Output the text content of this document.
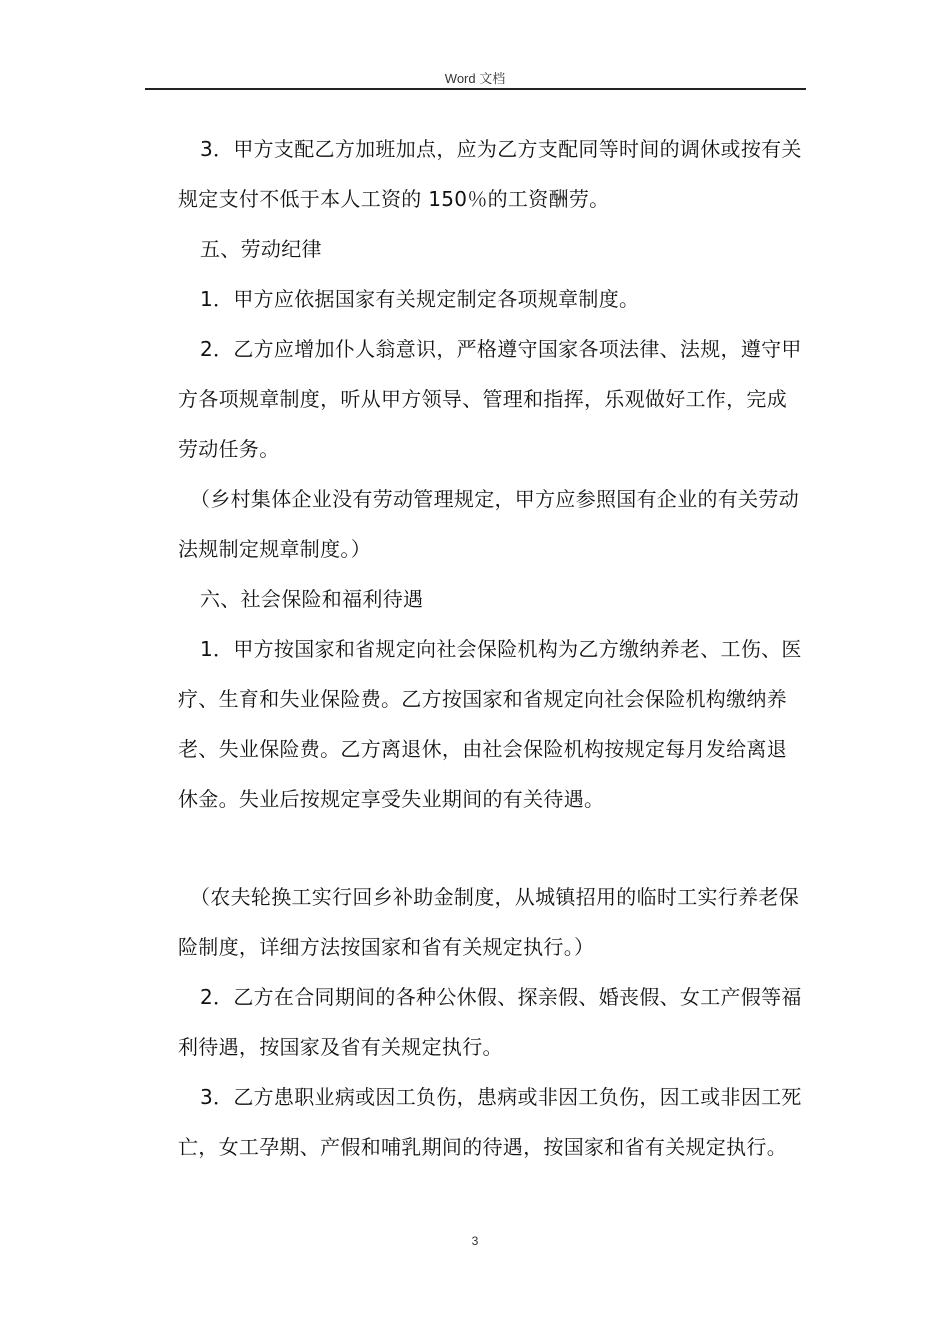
Word 文档

3．甲方支配乙方加班加点，应为乙方支配同等时间的调休或按有关规定支付不低于本人工资的 150％的工资酬劳。

五、劳动纪律

1．甲方应依据国家有关规定制定各项规章制度。

2．乙方应增加仆人翁意识，严格遵守国家各项法律、法规，遵守甲方各项规章制度，听从甲方领导、管理和指挥，乐观做好工作，完成劳动任务。

（乡村集体企业没有劳动管理规定，甲方应参照国有企业的有关劳动法规制定规章制度。）

六、社会保险和福利待遇

1．甲方按国家和省规定向社会保险机构为乙方缴纳养老、工伤、医疗、生育和失业保险费。乙方按国家和省规定向社会保险机构缴纳养老、失业保险费。乙方离退休，由社会保险机构按规定每月发给离退休金。失业后按规定享受失业期间的有关待遇。

（农夫轮换工实行回乡补助金制度，从城镇招用的临时工实行养老保险制度，详细方法按国家和省有关规定执行。）

2．乙方在合同期间的各种公休假、探亲假、婚丧假、女工产假等福利待遇，按国家及省有关规定执行。

3．乙方患职业病或因工负伤，患病或非因工负伤，因工或非因工死亡，女工孕期、产假和哺乳期间的待遇，按国家和省有关规定执行。

3
